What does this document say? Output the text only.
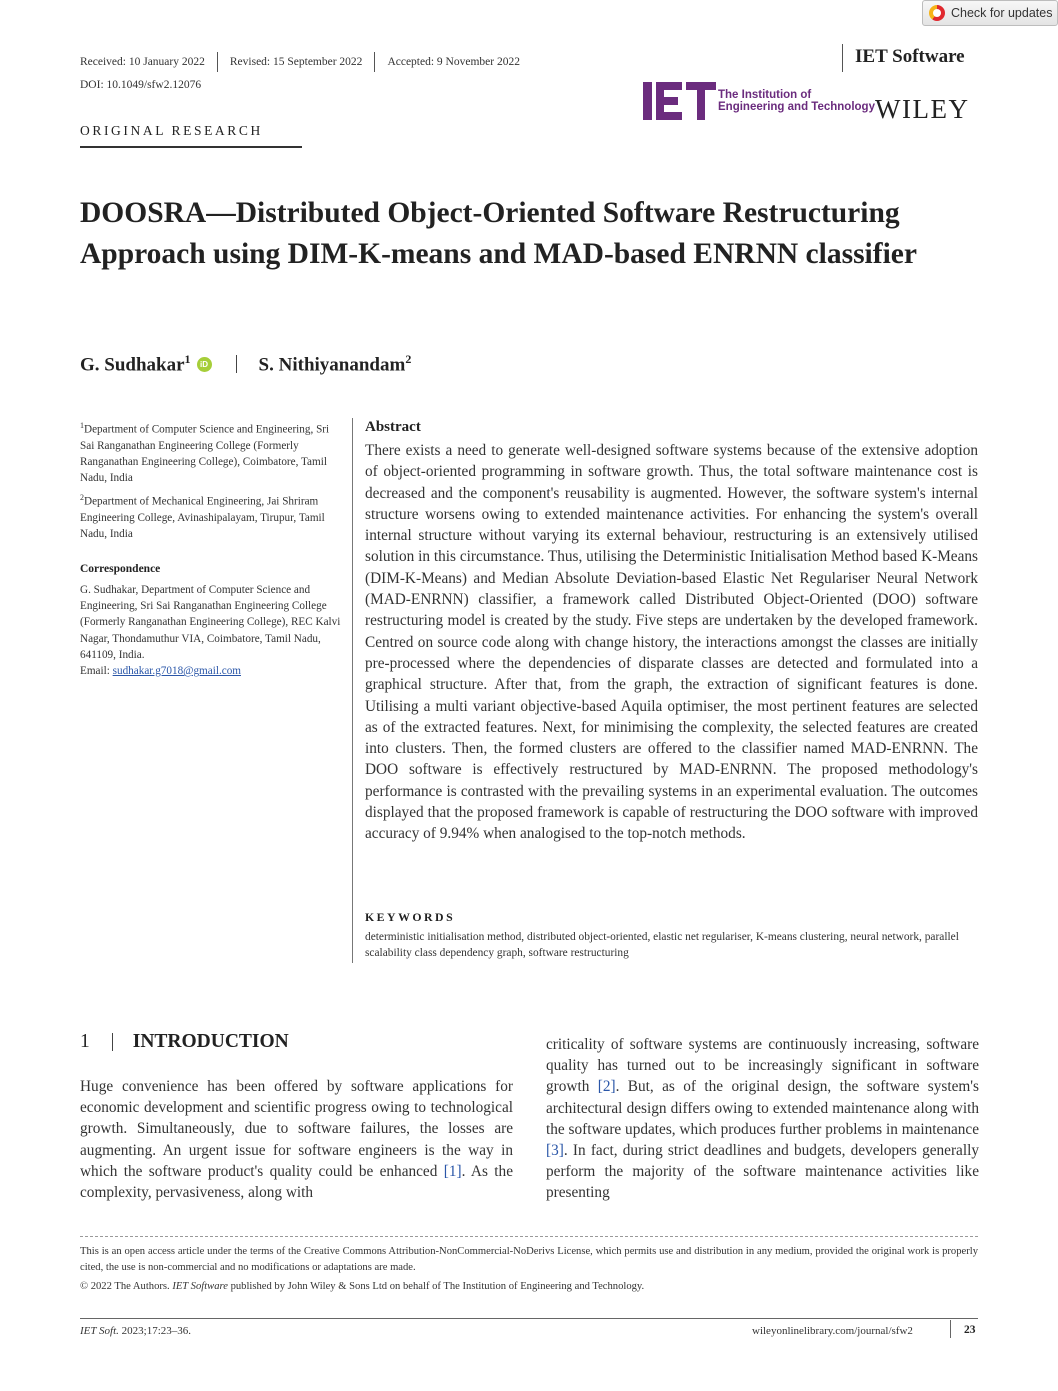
Check for updates
Received: 10 January 2022 Revised: 15 September 2022 Accepted: 9 November 2022
DOI: 10.1049/sfw2.12076
IET Software
The Institution of
Engineering and Technology WILEY
ORIGINAL RESEARCH
DOOSRA—Distributed Object-Oriented Software Restructuring Approach using DIM-K-means and MAD-based ENRNN classifier
G. Sudhakar$^1$	iD	S. Nithiyanandam$^2$
$^1$Department of Computer Science and Engineering, Sri Sai Ranganathan Engineering College (Formerly Ranganathan Engineering College), Coimbatore, Tamil Nadu, India
$^2$Department of Mechanical Engineering, Jai Shriram Engineering College, Avinashipalayam, Tirupur, Tamil Nadu, India
Correspondence
G. Sudhakar, Department of Computer Science and Engineering, Sri Sai Ranganathan Engineering College (Formerly Ranganathan Engineering College), REC Kalvi Nagar, Thondamuthur VIA, Coimbatore, Tamil Nadu, 641109, India.
Email: sudhakar.g7018@gmail.com
Abstract
There exists a need to generate well-designed software systems because of the extensive adoption of object-oriented programming in software growth. Thus, the total software maintenance cost is decreased and the component's reusability is augmented. However, the software system's internal structure worsens owing to extended maintenance activities. For enhancing the system's overall internal structure without varying its external behaviour, restructuring is an extensively utilised solution in this circumstance. Thus, utilising the Deterministic Initialisation Method based K-Means (DIM-K-Means) and Median Absolute Deviation-based Elastic Net Regulariser Neural Network (MAD-ENRNN) classifier, a framework called Distributed Object-Oriented (DOO) software restructuring model is created by the study. Five steps are undertaken by the developed framework. Centred on source code along with change history, the interactions amongst the classes are initially pre-processed where the dependencies of disparate classes are detected and formulated into a graphical structure. After that, from the graph, the extraction of significant features is done. Utilising a multi variant objective-based Aquila optimiser, the most pertinent features are selected as of the extracted features. Next, for minimising the complexity, the selected features are created into clusters. Then, the formed clusters are offered to the classifier named MAD-ENRNN. The DOO software is effectively restructured by MAD-ENRNN. The proposed methodology's performance is contrasted with the prevailing systems in an experimental evaluation. The outcomes displayed that the proposed framework is capable of restructuring the DOO software with improved accuracy of 9.94% when analogised to the top-notch methods.
KEYWORDS
deterministic initialisation method, distributed object-oriented, elastic net regulariser, K-means clustering, neural network, parallel scalability class dependency graph, software restructuring
1 INTRODUCTION
Huge convenience has been offered by software applications for economic development and scientific progress owing to technological growth. Simultaneously, due to software failures, the losses are augmenting. An urgent issue for software engineers is the way in which the software product's quality could be enhanced [1]. As the complexity, pervasiveness, along with
criticality of software systems are continuously increasing, software quality has turned out to be increasingly significant in software growth [2]. But, as of the original design, the software system's architectural design differs owing to extended maintenance along with the software updates, which produces further problems in maintenance [3]. In fact, during strict deadlines and budgets, developers generally perform the majority of the software maintenance activities like presenting
This is an open access article under the terms of the Creative Commons Attribution-NonCommercial-NoDerivs License, which permits use and distribution in any medium, provided the original work is properly cited, the use is non-commercial and no modifications or adaptations are made.
© 2022 The Authors. IET Software published by John Wiley & Sons Ltd on behalf of The Institution of Engineering and Technology.
IET Soft. 2023;17:23–36.	wileyonlinelibrary.com/journal/sfw2	23
